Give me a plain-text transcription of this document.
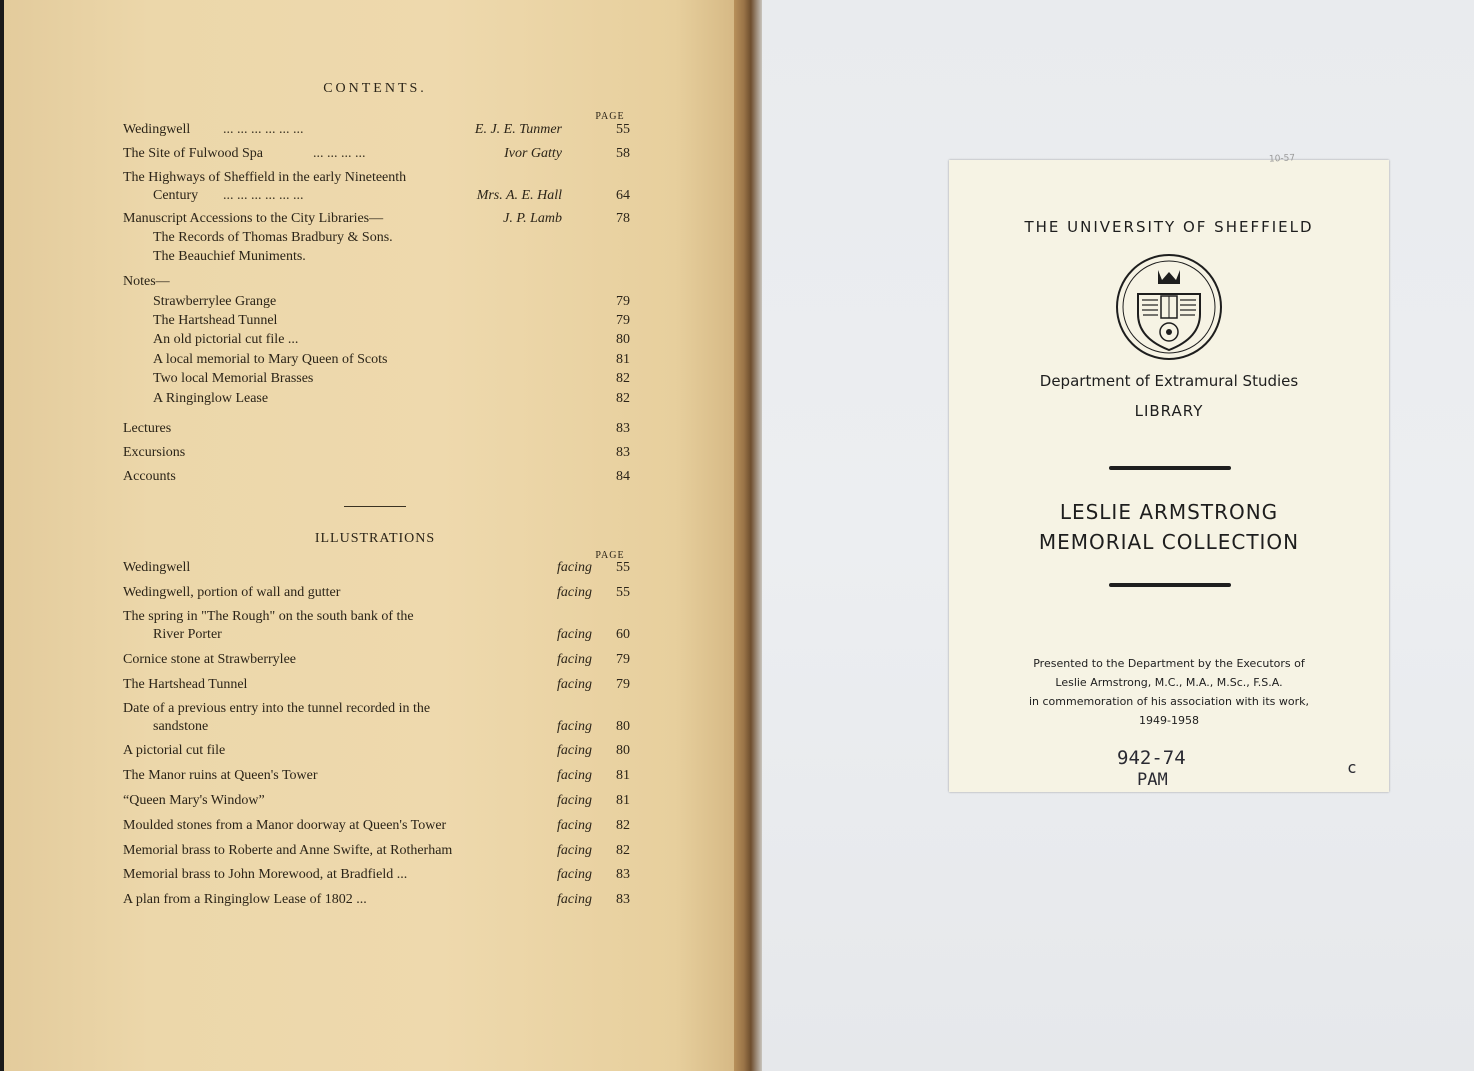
CONTENTS.
PAGE
Wedingwell ... ... ... ... ... ...	E. J. E. Tunmer	55
The Site of Fulwood Spa	... ... ... ...	Ivor Gatty	58
The Highways of Sheffield in the early Nineteenth
Century ... ... ... ... ... ...	Mrs. A. E. Hall	64
Manuscript Accessions to the City Libraries—	J. P. Lamb	78
The Records of Thomas Bradbury & Sons.
The Beauchief Muniments.
Notes—
Strawberrylee Grange	79
The Hartshead Tunnel	79
An old pictorial cut file ...	80
A local memorial to Mary Queen of Scots	81
Two local Memorial Brasses	82
A Ringinglow Lease	82
Lectures	83
Excursions	83
Accounts	84
ILLUSTRATIONS
PAGE
Wedingwell	facing	55
Wedingwell, portion of wall and gutter	facing	55
The spring in "The Rough" on the south bank of the
River Porter	facing	60
Cornice stone at Strawberrylee	facing	79
The Hartshead Tunnel	facing	79
Date of a previous entry into the tunnel recorded in the
sandstone	facing	80
A pictorial cut file	facing	80
The Manor ruins at Queen's Tower	facing	81
“Queen Mary's Window”	facing	81
Moulded stones from a Manor doorway at Queen's Tower	facing	82
Memorial brass to Roberte and Anne Swifte, at Rotherham	facing	82
Memorial brass to John Morewood, at Bradfield ...	facing	83
A plan from a Ringinglow Lease of 1802 ...	facing	83
10-57
THE UNIVERSITY OF SHEFFIELD
Department of Extramural Studies
LIBRARY
LESLIE ARMSTRONG
MEMORIAL COLLECTION
Presented to the Department by the Executors of
Leslie Armstrong, M.C., M.A., M.Sc., F.S.A.
in commemoration of his association with its work,
1949-1958
942-74
PAM
c
